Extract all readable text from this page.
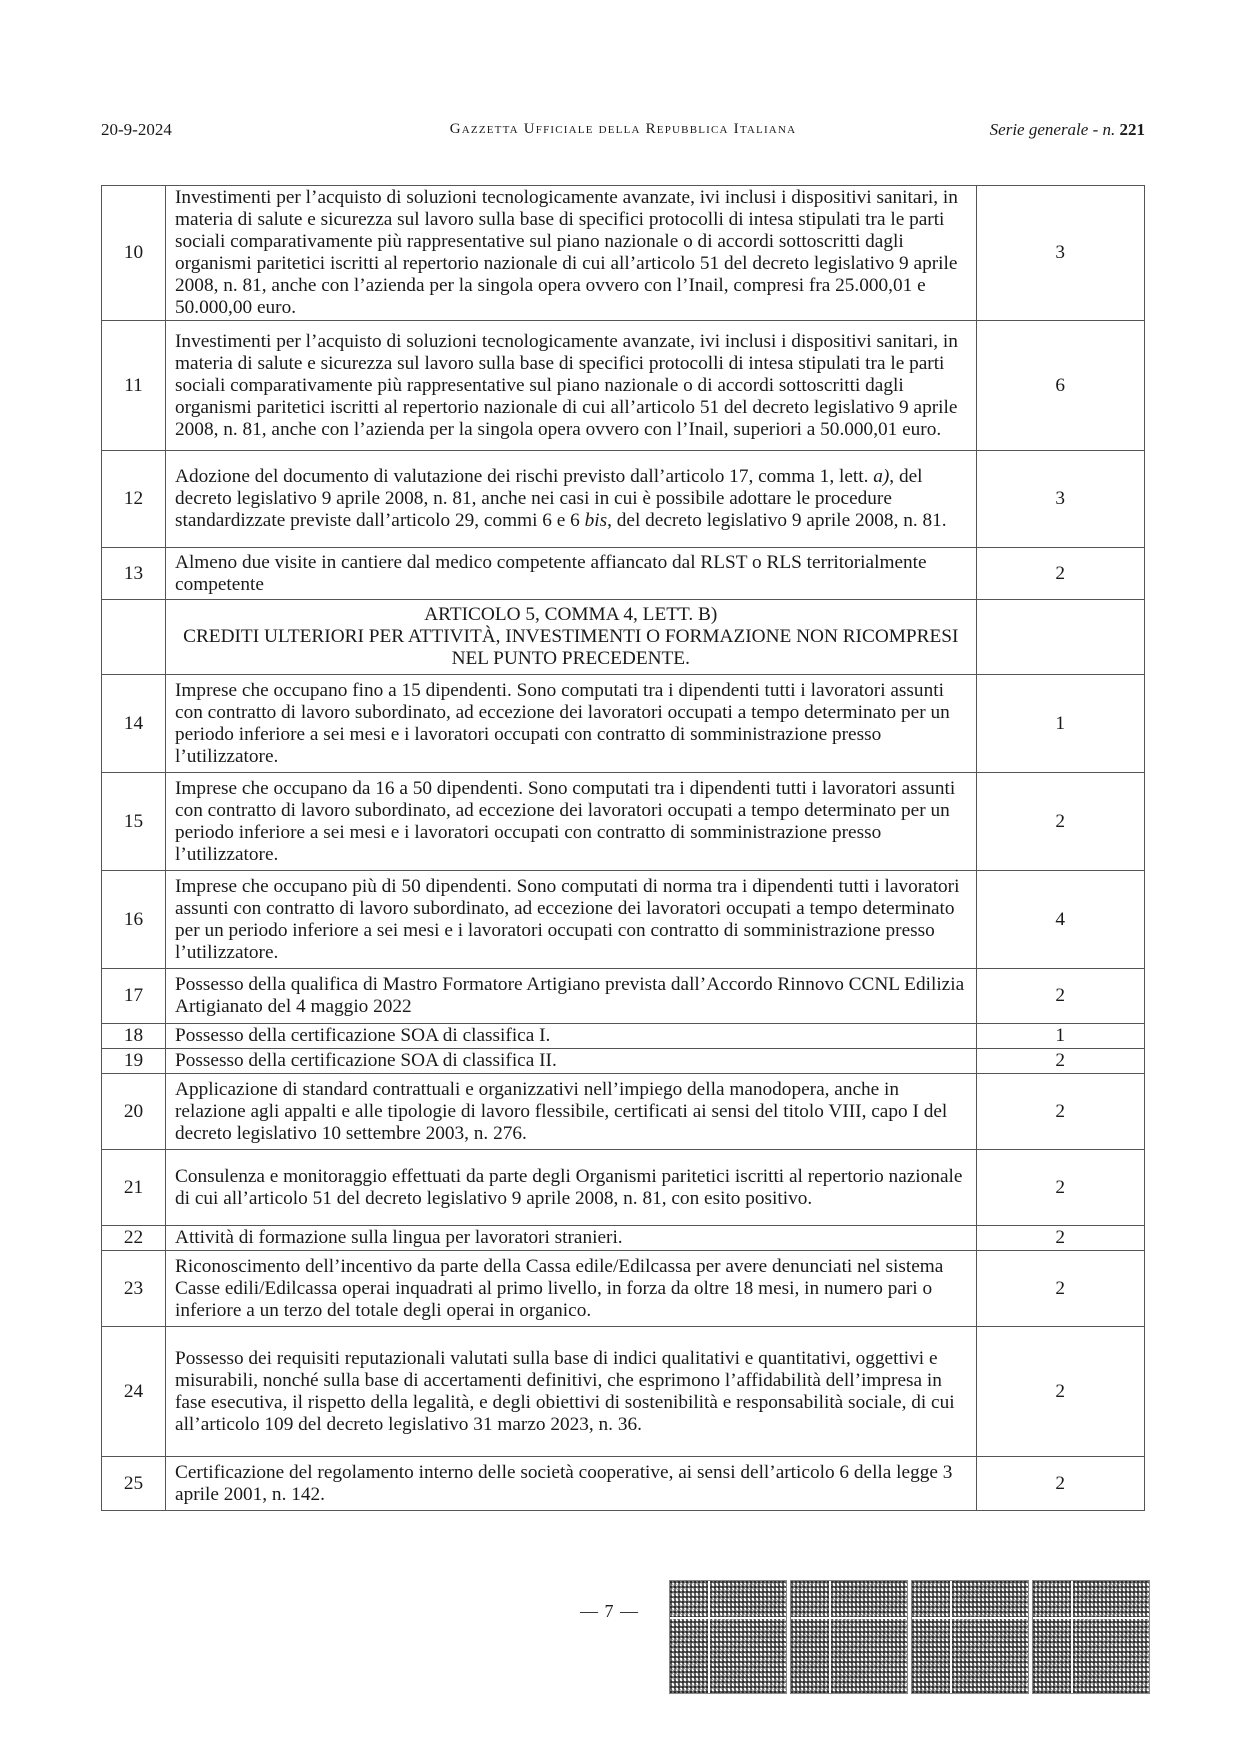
20-9-2024	Gazzetta Ufficiale della Repubblica Italiana	Serie generale - n. 221
10	Investimenti per l’acquisto di soluzioni tecnologicamente avanzate, ivi inclusi i dispositivi sanitari, in materia di salute e sicurezza sul lavoro sulla base di specifici protocolli di intesa stipulati tra le parti sociali comparativamente più rappresentative sul piano nazionale o di accordi sottoscritti dagli organismi paritetici iscritti al repertorio nazionale di cui all’articolo 51 del decreto legislativo 9 aprile 2008, n. 81, anche con l’azienda per la singola opera ovvero con l’Inail, compresi fra 25.000,01 e 50.000,00 euro.	3
11	Investimenti per l’acquisto di soluzioni tecnologicamente avanzate, ivi inclusi i dispositivi sanitari, in materia di salute e sicurezza sul lavoro sulla base di specifici protocolli di intesa stipulati tra le parti sociali comparativamente più rappresentative sul piano nazionale o di accordi sottoscritti dagli organismi paritetici iscritti al repertorio nazionale di cui all’articolo 51 del decreto legislativo 9 aprile 2008, n. 81, anche con l’azienda per la singola opera ovvero con l’Inail, superiori a 50.000,01 euro.	6
12	Adozione del documento di valutazione dei rischi previsto dall’articolo 17, comma 1, lett. a), del decreto legislativo 9 aprile 2008, n. 81, anche nei casi in cui è possibile adottare le procedure standardizzate previste dall’articolo 29, commi 6 e 6 bis, del decreto legislativo 9 aprile 2008, n. 81.	3
13	Almeno due visite in cantiere dal medico competente affiancato dal RLST o RLS territorialmente competente	2

	ARTICOLO 5, COMMA 4, LETT. B)
CREDITI ULTERIORI PER ATTIVITÀ, INVESTIMENTI O FORMAZIONE NON RICOMPRESI NEL PUNTO PRECEDENTE.	

14	Imprese che occupano fino a 15 dipendenti. Sono computati tra i dipendenti tutti i lavoratori assunti con contratto di lavoro subordinato, ad eccezione dei lavoratori occupati a tempo determinato per un periodo inferiore a sei mesi e i lavoratori occupati con contratto di somministrazione presso l’utilizzatore.	1
15	Imprese che occupano da 16 a 50 dipendenti. Sono computati tra i dipendenti tutti i lavoratori assunti con contratto di lavoro subordinato, ad eccezione dei lavoratori occupati a tempo determinato per un periodo inferiore a sei mesi e i lavoratori occupati con contratto di somministrazione presso l’utilizzatore.	2
16	Imprese che occupano più di 50 dipendenti. Sono computati di norma tra i dipendenti tutti i lavoratori assunti con contratto di lavoro subordinato, ad eccezione dei lavoratori occupati a tempo determinato per un periodo inferiore a sei mesi e i lavoratori occupati con contratto di somministrazione presso l’utilizzatore.	4
17	Possesso della qualifica di Mastro Formatore Artigiano prevista dall’Accordo Rinnovo CCNL Edilizia Artigianato del 4 maggio 2022	2
18	Possesso della certificazione SOA di classifica I.	1
19	Possesso della certificazione SOA di classifica II.	2
20	Applicazione di standard contrattuali e organizzativi nell’impiego della manodopera, anche in relazione agli appalti e alle tipologie di lavoro flessibile, certificati ai sensi del titolo VIII, capo I del decreto legislativo 10 settembre 2003, n. 276.	2
21	Consulenza e monitoraggio effettuati da parte degli Organismi paritetici iscritti al repertorio nazionale di cui all’articolo 51 del decreto legislativo 9 aprile 2008, n. 81, con esito positivo.	2
22	Attività di formazione sulla lingua per lavoratori stranieri.	2
23	Riconoscimento dell’incentivo da parte della Cassa edile/Edilcassa per avere denunciati nel sistema Casse edili/Edilcassa operai inquadrati al primo livello, in forza da oltre 18 mesi, in numero pari o inferiore a un terzo del totale degli operai in organico.	2
24	Possesso dei requisiti reputazionali valutati sulla base di indici qualitativi e quantitativi, oggettivi e misurabili, nonché sulla base di accertamenti definitivi, che esprimono l’affidabilità dell’impresa in fase esecutiva, il rispetto della legalità, e degli obiettivi di sostenibilità e responsabilità sociale, di cui all’articolo 109 del decreto legislativo 31 marzo 2023, n. 36.	2
25	Certificazione del regolamento interno delle società cooperative, ai sensi dell’articolo 6 della legge 3 aprile 2001, n. 142.	2
— 7 —
